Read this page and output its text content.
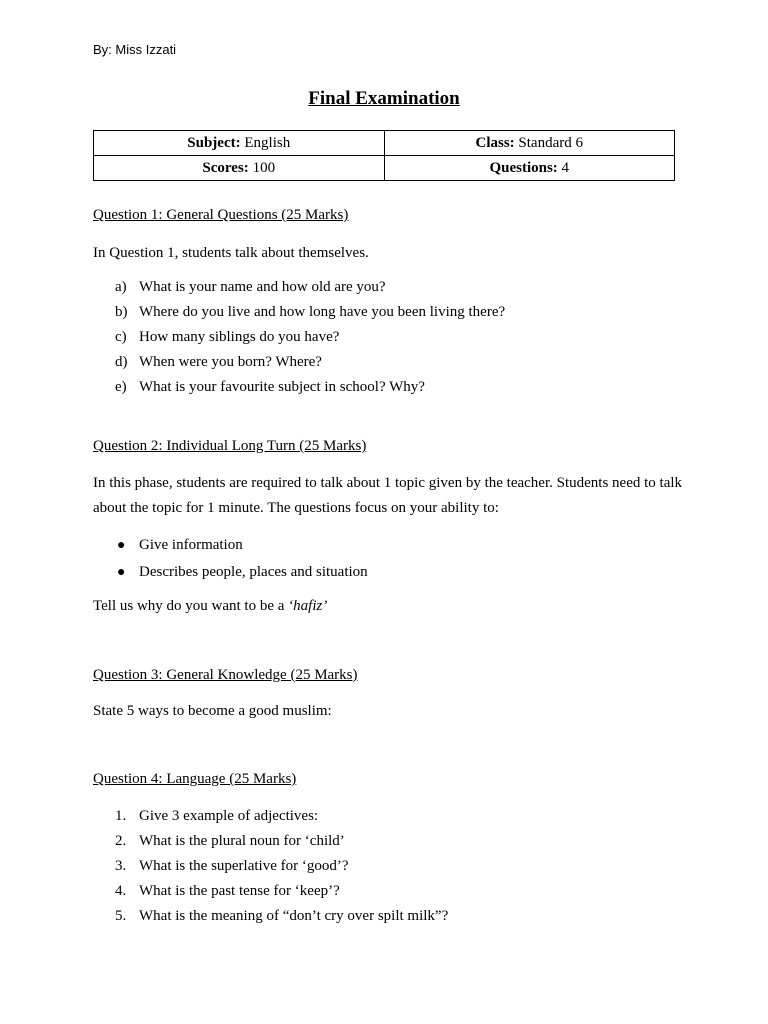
By: Miss Izzati
Final Examination
Subject: English	Class: Standard 6
Scores: 100	Questions: 4
Question 1: General Questions (25 Marks)
In Question 1, students talk about themselves.
a) What is your name and how old are you?
b) Where do you live and how long have you been living there?
c) How many siblings do you have?
d) When were you born? Where?
e) What is your favourite subject in school? Why?
Question 2: Individual Long Turn (25 Marks)
In this phase, students are required to talk about 1 topic given by the teacher. Students need to talk about the topic for 1 minute. The questions focus on your ability to:
● Give information
● Describes people, places and situation
Tell us why do you want to be a ‘hafiz’
Question 3: General Knowledge (25 Marks)
State 5 ways to become a good muslim:
Question 4: Language (25 Marks)
1. Give 3 example of adjectives:
2. What is the plural noun for ‘child’
3. What is the superlative for ‘good’?
4. What is the past tense for ‘keep’?
5. What is the meaning of “don’t cry over spilt milk”?
